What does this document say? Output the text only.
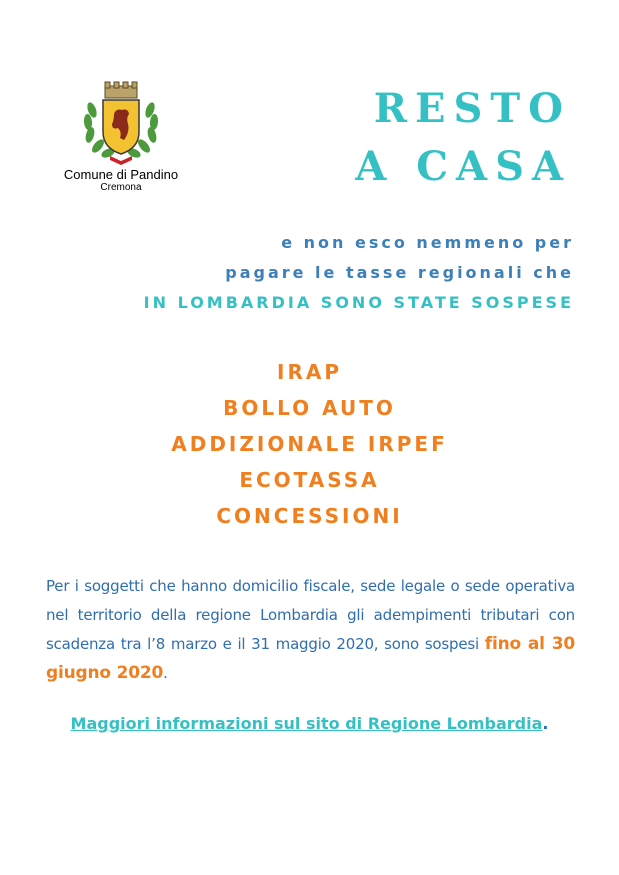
Comune di Pandino
Cremona
RESTO
A CASA
e non esco nemmeno per
pagare le tasse regionali che
IN LOMBARDIA SONO STATE SOSPESE
IRAP
BOLLO AUTO
ADDIZIONALE IRPEF
ECOTASSA
CONCESSIONI
Per i soggetti che hanno domicilio fiscale, sede legale o sede operativa nel territorio della regione Lombardia gli adempimenti tributari con scadenza tra l’8 marzo e il 31 maggio 2020, sono sospesi fino al 30 giugno 2020.
Maggiori informazioni sul sito di Regione Lombardia.
